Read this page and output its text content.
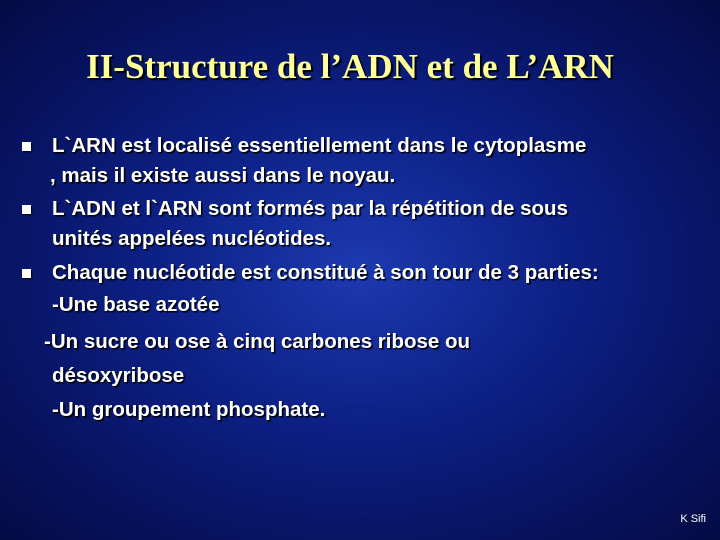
II-Structure de l’ADN et de L’ARN
L`ARN est localisé essentiellement dans le cytoplasme
, mais il existe aussi dans le noyau.
L`ADN et l`ARN sont formés par la répétition de sous
unités appelées nucléotides.
Chaque nucléotide est constitué à son tour de 3 parties:
-Une base azotée
-Un sucre ou ose à cinq carbones ribose ou
désoxyribose
-Un groupement phosphate.
K Sifi
